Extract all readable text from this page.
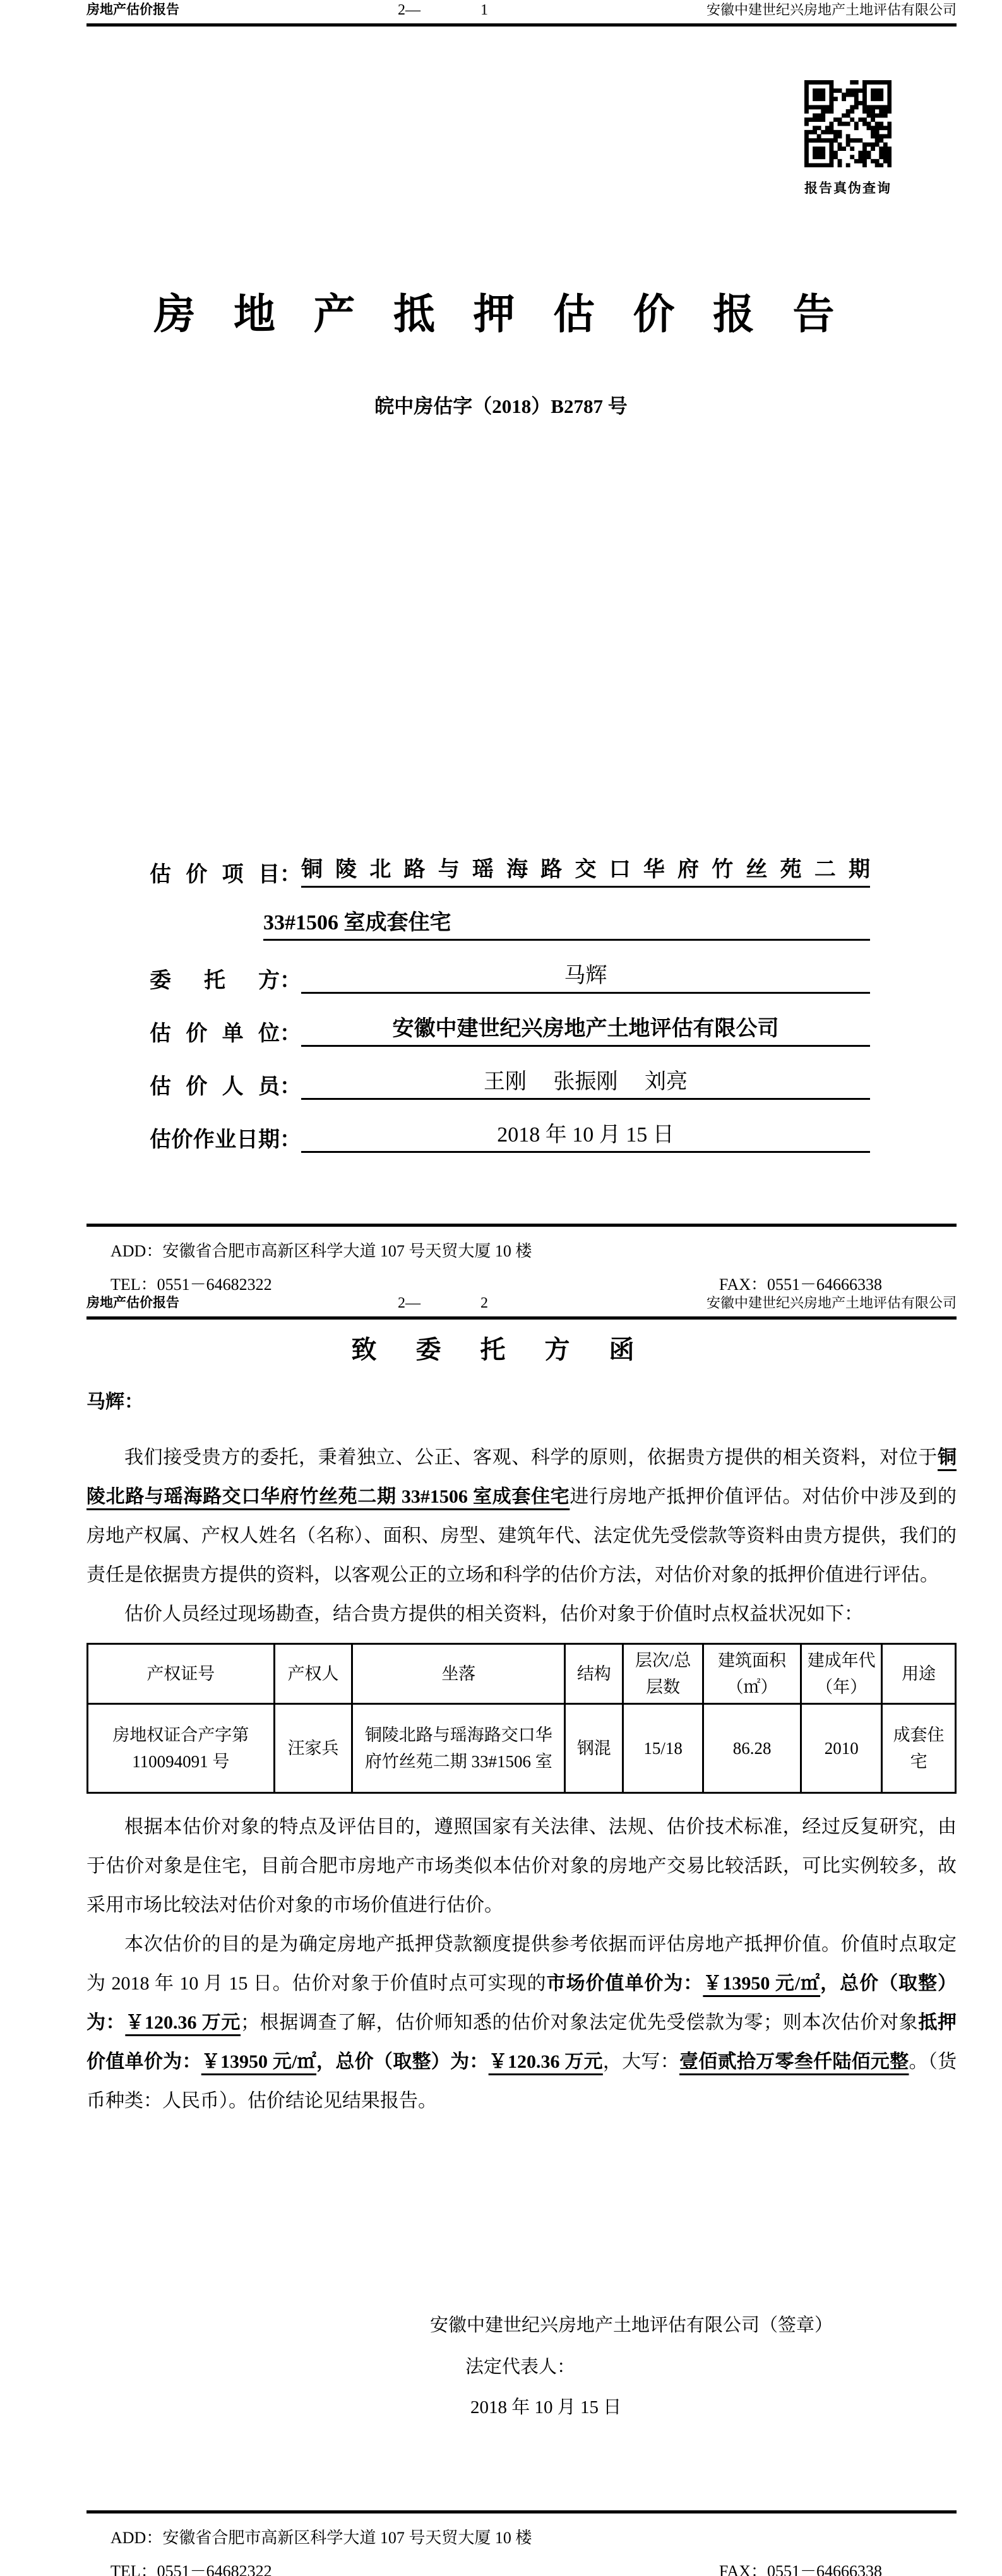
房地产估价报告	2—	1	安徽中建世纪兴房地产土地评估有限公司
报告真伪查询
房 地 产 抵 押 估 价 报 告
皖中房估字（2018）B2787 号
估价项目： 铜陵北路与瑶海路交口华府竹丝苑二期
33#1506 室成套住宅
委托方：	马辉
估价单位：	安徽中建世纪兴房地产土地评估有限公司
估价人员：	王刚　 张振刚　 刘亮
估价作业日期：	2018 年 10 月 15 日
ADD：安徽省合肥市高新区科学大道 107 号天贸大厦 10 楼
TEL：0551－64682322	FAX：0551－64666338
房地产估价报告	2—	2	安徽中建世纪兴房地产土地评估有限公司
致 委 托 方 函

马辉：

我们接受贵方的委托，秉着独立、公正、客观、科学的原则，依据贵方提供的相关资料，对位于铜陵北路与瑶海路交口华府竹丝苑二期 33#1506 室成套住宅进行房地产抵押价值评估。对估价中涉及到的房地产权属、产权人姓名（名称）、面积、房型、建筑年代、法定优先受偿款等资料由贵方提供，我们的责任是依据贵方提供的资料，以客观公正的立场和科学的估价方法，对估价对象的抵押价值进行评估。

估价人员经过现场勘查，结合贵方提供的相关资料，估价对象于价值时点权益状况如下：

产权证号	产权人	坐落	结构	层次/总层数	建筑面积（㎡）	建成年代（年）	用途
房地权证合产字第 110094091 号	汪家兵	铜陵北路与瑶海路交口华府竹丝苑二期 33#1506 室	钢混	15/18	86.28	2010	成套住宅

根据本估价对象的特点及评估目的，遵照国家有关法律、法规、估价技术标准，经过反复研究，由于估价对象是住宅，目前合肥市房地产市场类似本估价对象的房地产交易比较活跃，可比实例较多，故采用市场比较法对估价对象的市场价值进行估价。

本次估价的目的是为确定房地产抵押贷款额度提供参考依据而评估房地产抵押价值。价值时点取定为 2018 年 10 月 15 日。估价对象于价值时点可实现的市场价值单价为：￥13950 元/㎡，总价（取整）为：￥120.36 万元；根据调查了解，估价师知悉的估价对象法定优先受偿款为零；则本次估价对象抵押价值单价为：￥13950 元/㎡，总价（取整）为：￥120.36 万元，大写：壹佰贰拾万零叁仟陆佰元整。（货币种类：人民币）。估价结论见结果报告。

安徽中建世纪兴房地产土地评估有限公司（签章）
法定代表人：
2018 年 10 月 15 日
ADD：安徽省合肥市高新区科学大道 107 号天贸大厦 10 楼
TEL：0551－64682322	FAX：0551－64666338
